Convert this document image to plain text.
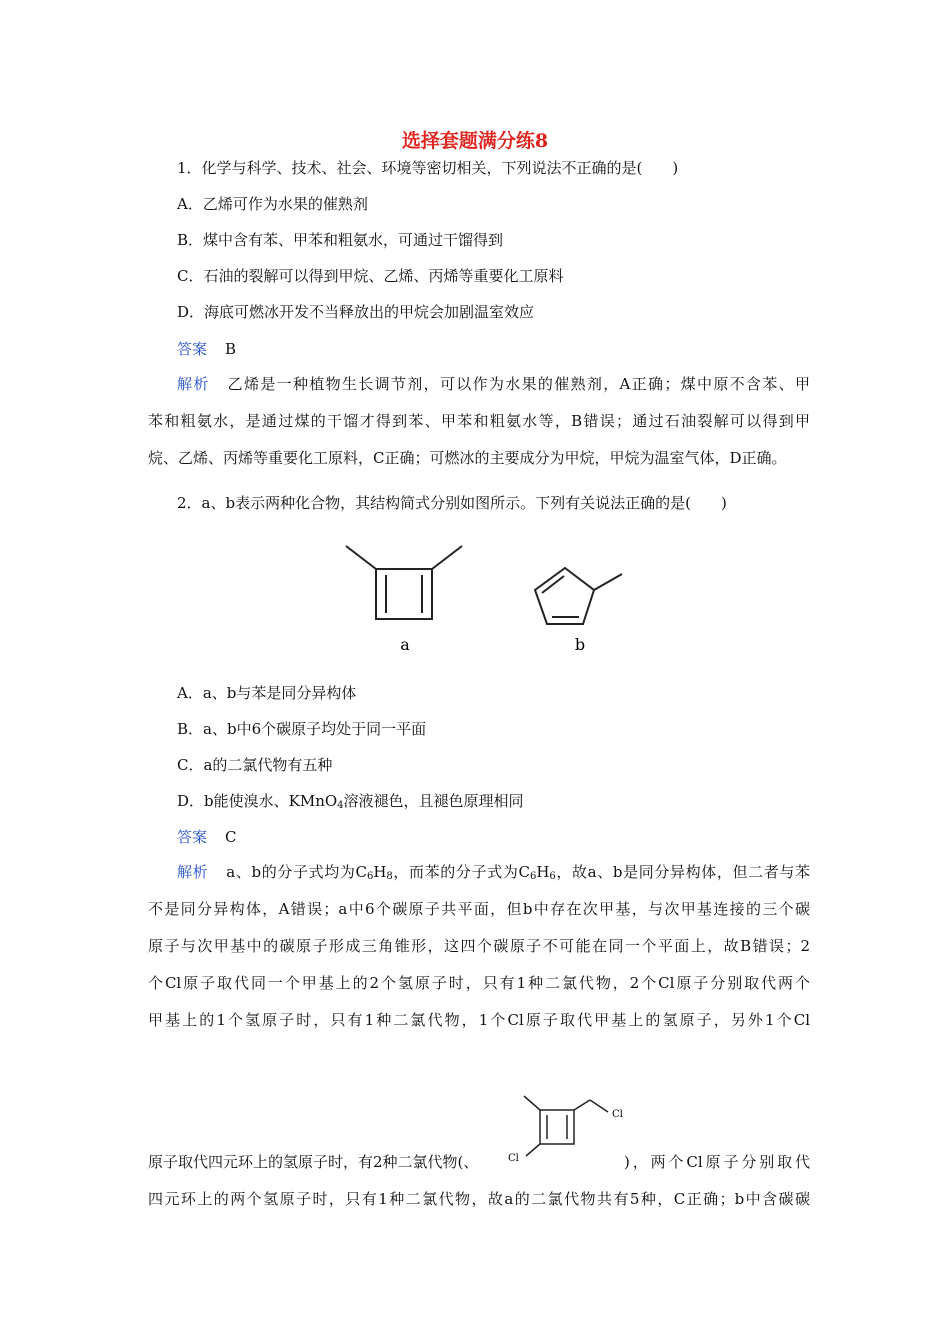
选择套题满分练8
1．化学与科学、技术、社会、环境等密切相关，下列说法不正确的是(　　)
A．乙烯可作为水果的催熟剂
B．煤中含有苯、甲苯和粗氨水，可通过干馏得到
C．石油的裂解可以得到甲烷、乙烯、丙烯等重要化工原料
D．海底可燃冰开发不当释放出的甲烷会加剧温室效应
答案 B

解析 乙烯是一种植物生长调节剂，可以作为水果的催熟剂，A正确；煤中原不含苯、甲

苯和粗氨水，是通过煤的干馏才得到苯、甲苯和粗氨水等，B错误；通过石油裂解可以得到甲

烷、乙烯、丙烯等重要化工原料，C正确；可燃冰的主要成分为甲烷，甲烷为温室气体，D正确。

2．a、b表示两种化合物，其结构简式分别如图所示。下列有关说法正确的是(　　)
a	b
A．a、b与苯是同分异构体
B．a、b中6个碳原子均处于同一平面
C．a的二氯代物有五种
D．b能使溴水、KMnO$_4$溶液褪色，且褪色原理相同
答案 C

解析 a、b的分子式均为$C_6H_8$，而苯的分子式为$C_6H_6$，故a、b是同分异构体，但二者与苯

不是同分异构体，A错误；a中6个碳原子共平面，但b中存在次甲基，与次甲基连接的三个碳

原子与次甲基中的碳原子形成三角锥形，这四个碳原子不可能在同一个平面上，故B错误；2

个Cl原子取代同一个甲基上的2个氢原子时，只有1种二氯代物，2个Cl原子分别取代两个

甲基上的1个氢原子时，只有1种二氯代物，1个Cl原子取代甲基上的氢原子，另外1个Cl

Cl
Cl
原子取代四元环上的氢原子时，有2种二氯代物(、	)，两个Cl原子分别取代
四元环上的两个氢原子时，只有1种二氯代物，故a的二氯代物共有5种，C正确；b中含碳碳
